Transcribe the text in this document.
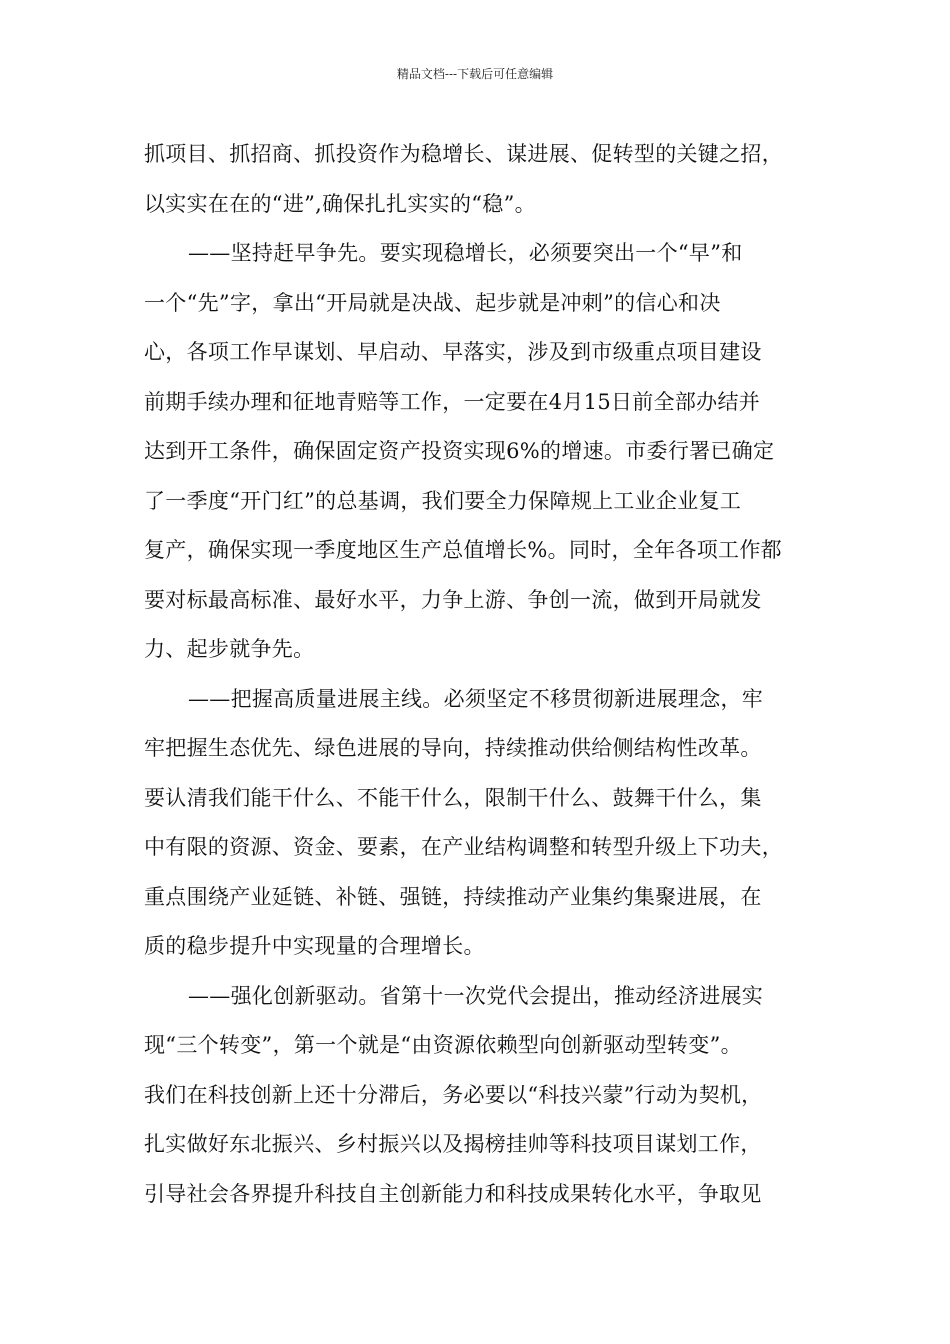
精品文档---下载后可任意编辑
抓项目、抓招商、抓投资作为稳增长、谋进展、促转型的关键之招，
以实实在在的“进”,确保扎扎实实的“稳”。
——坚持赶早争先。要实现稳增长，必须要突出一个“早”和
一个“先”字，拿出“开局就是决战、起步就是冲刺”的信心和决
心，各项工作早谋划、早启动、早落实，涉及到市级重点项目建设
前期手续办理和征地青赔等工作，一定要在4月15日前全部办结并
达到开工条件，确保固定资产投资实现6%的增速。市委行署已确定
了一季度“开门红”的总基调，我们要全力保障规上工业企业复工
复产，确保实现一季度地区生产总值增长%。同时，全年各项工作都
要对标最高标准、最好水平，力争上游、争创一流，做到开局就发
力、起步就争先。
——把握高质量进展主线。必须坚定不移贯彻新进展理念，牢
牢把握生态优先、绿色进展的导向，持续推动供给侧结构性改革。
要认清我们能干什么、不能干什么，限制干什么、鼓舞干什么，集
中有限的资源、资金、要素，在产业结构调整和转型升级上下功夫，
重点围绕产业延链、补链、强链，持续推动产业集约集聚进展，在
质的稳步提升中实现量的合理增长。
——强化创新驱动。省第十一次党代会提出，推动经济进展实
现“三个转变”，第一个就是“由资源依赖型向创新驱动型转变”。
我们在科技创新上还十分滞后，务必要以“科技兴蒙”行动为契机，
扎实做好东北振兴、乡村振兴以及揭榜挂帅等科技项目谋划工作，
引导社会各界提升科技自主创新能力和科技成果转化水平，争取见
